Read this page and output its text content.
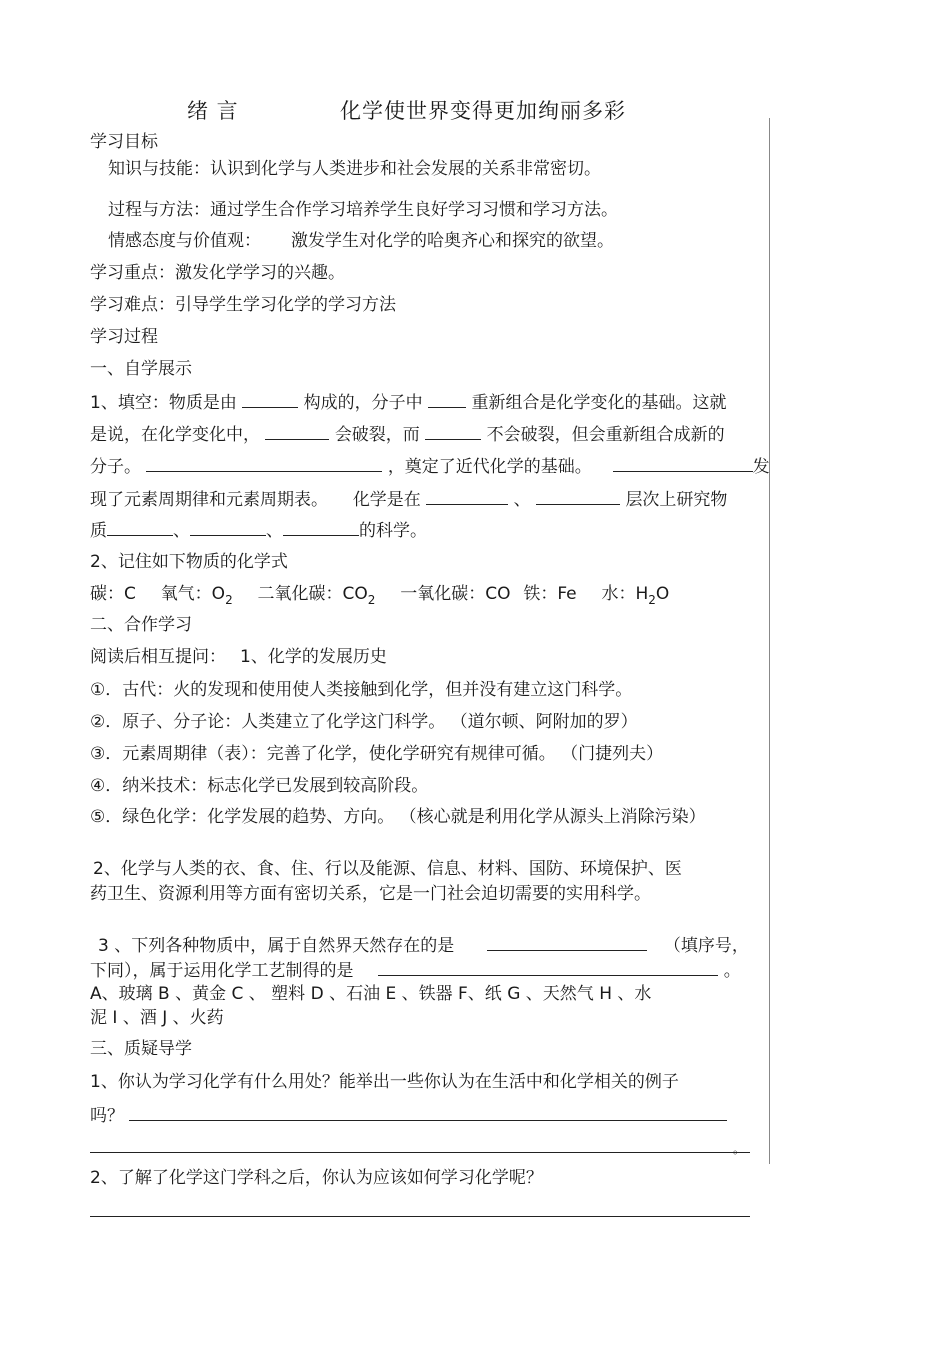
绪 言	化学使世界变得更加绚丽多彩
学习目标
知识与技能：认识到化学与人类进步和社会发展的关系非常密切。
过程与方法：通过学生合作学习培养学生良好学习习惯和学习方法。
情感态度与价值观： 激发学生对化学的哈奥齐心和探究的欲望。
学习重点：激发化学学习的兴趣。
学习难点：引导学生学习化学的学习方法
学习过程
一、自学展示
1、填空：物质是由	构成的，分子中	重新组合是化学变化的基础。这就
是说，在化学变化中，	会破裂，而	不会破裂，但会重新组合成新的
分子。	，奠定了近代化学的基础。	发
现了元素周期律和元素周期表。 化学是在	、	层次上研究物
质	、	、	的科学。
2、记住如下物质的化学式
碳：C 氧气：$O_2$ 二氧化碳：$CO_2$ 一氧化碳：CO 铁：Fe 水：$H_2O$
二、合作学习
阅读后相互提问： 1、化学的发展历史
①．古代：火的发现和使用使人类接触到化学，但并没有建立这门科学。
②．原子、分子论：人类建立了化学这门科学。 （道尔顿、阿附加的罗）
③．元素周期律（表）：完善了化学，使化学研究有规律可循。 （门捷列夫）
④．纳米技术：标志化学已发展到较高阶段。
⑤．绿色化学：化学发展的趋势、方向。 （核心就是利用化学从源头上消除污染）
2、化学与人类的衣、食、住、行以及能源、信息、材料、国防、环境保护、医
药卫生、资源利用等方面有密切关系，它是一门社会迫切需要的实用科学。
3 、下列各种物质中，属于自然界天然存在的是	（填序号，
下同），属于运用化学工艺制得的是	。
A、玻璃 B 、黄金 C 、 塑料 D 、石油 E 、铁器 F、纸 G 、天然气 H 、水
泥 I 、酒 J 、火药
三、质疑导学
1、你认为学习化学有什么用处？能举出一些你认为在生活中和化学相关的例子
吗？
。
2、了解了化学这门学科之后，你认为应该如何学习化学呢？
